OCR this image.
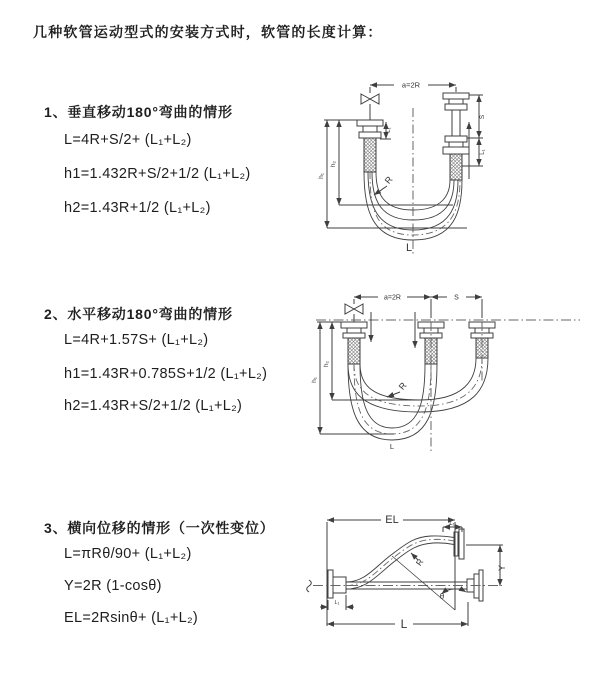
几种软管运动型式的安装方式时，软管的长度计算：
1、垂直移动180°弯曲的情形
L=4R+S/2+ (L₁+L₂)
h1=1.432R+S/2+1/2 (L₁+L₂)
h2=1.43R+1/2 (L₁+L₂)
2、水平移动180°弯曲的情形
L=4R+1.57S+ (L₁+L₂)
h1=1.43R+0.785S+1/2 (L₁+L₂)
h2=1.43R+S/2+1/2 (L₁+L₂)
3、横向位移的情形（一次性变位）
L=πRθ/90+ (L₁+L₂)
Y=2R (1-cosθ)
EL=2Rsinθ+ (L₁+L₂)
a=2R
L₁
h₁
h₂
S
L₁
R
L
a=2R	S
h₁
h₂
R
L
EL	L₁
Y
R
θ
L₁
L
